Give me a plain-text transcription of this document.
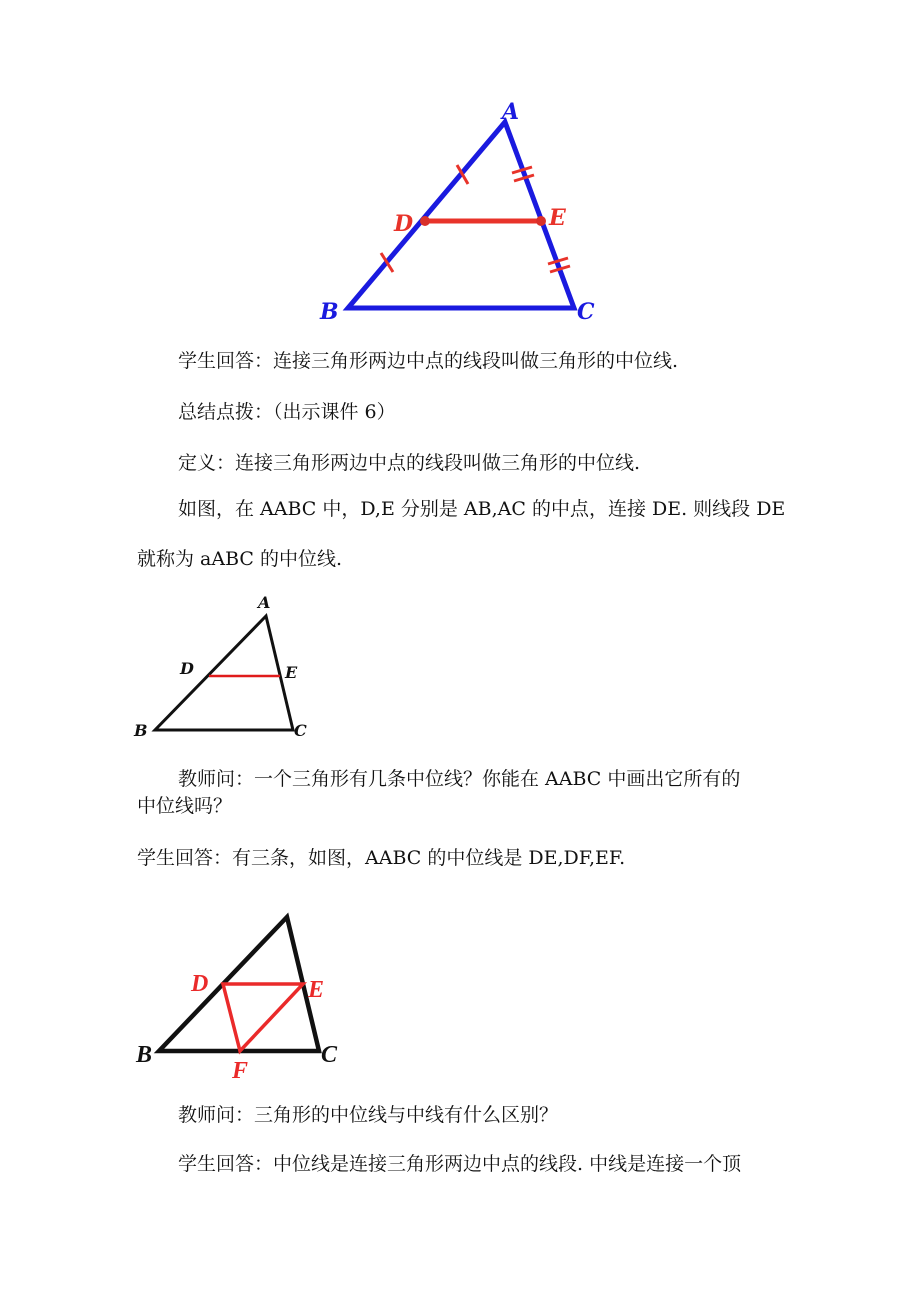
A
B	C
D	E
学生回答：连接三角形两边中点的线段叫做三角形的中位线.
总结点拨：（出示课件 6）
定义：连接三角形两边中点的线段叫做三角形的中位线.
如图，在 AABC 中，D,E 分别是 AB,AC 的中点，连接 DE. 则线段 DE
就称为 aABC 的中位线.
A
B	C
D	E
教师问：一个三角形有几条中位线？你能在 AABC 中画出它所有的
中位线吗？
学生回答：有三条，如图，AABC 的中位线是 DE,DF,EF.
B	C
D	E
F
教师问：三角形的中位线与中线有什么区别？
学生回答：中位线是连接三角形两边中点的线段. 中线是连接一个顶
